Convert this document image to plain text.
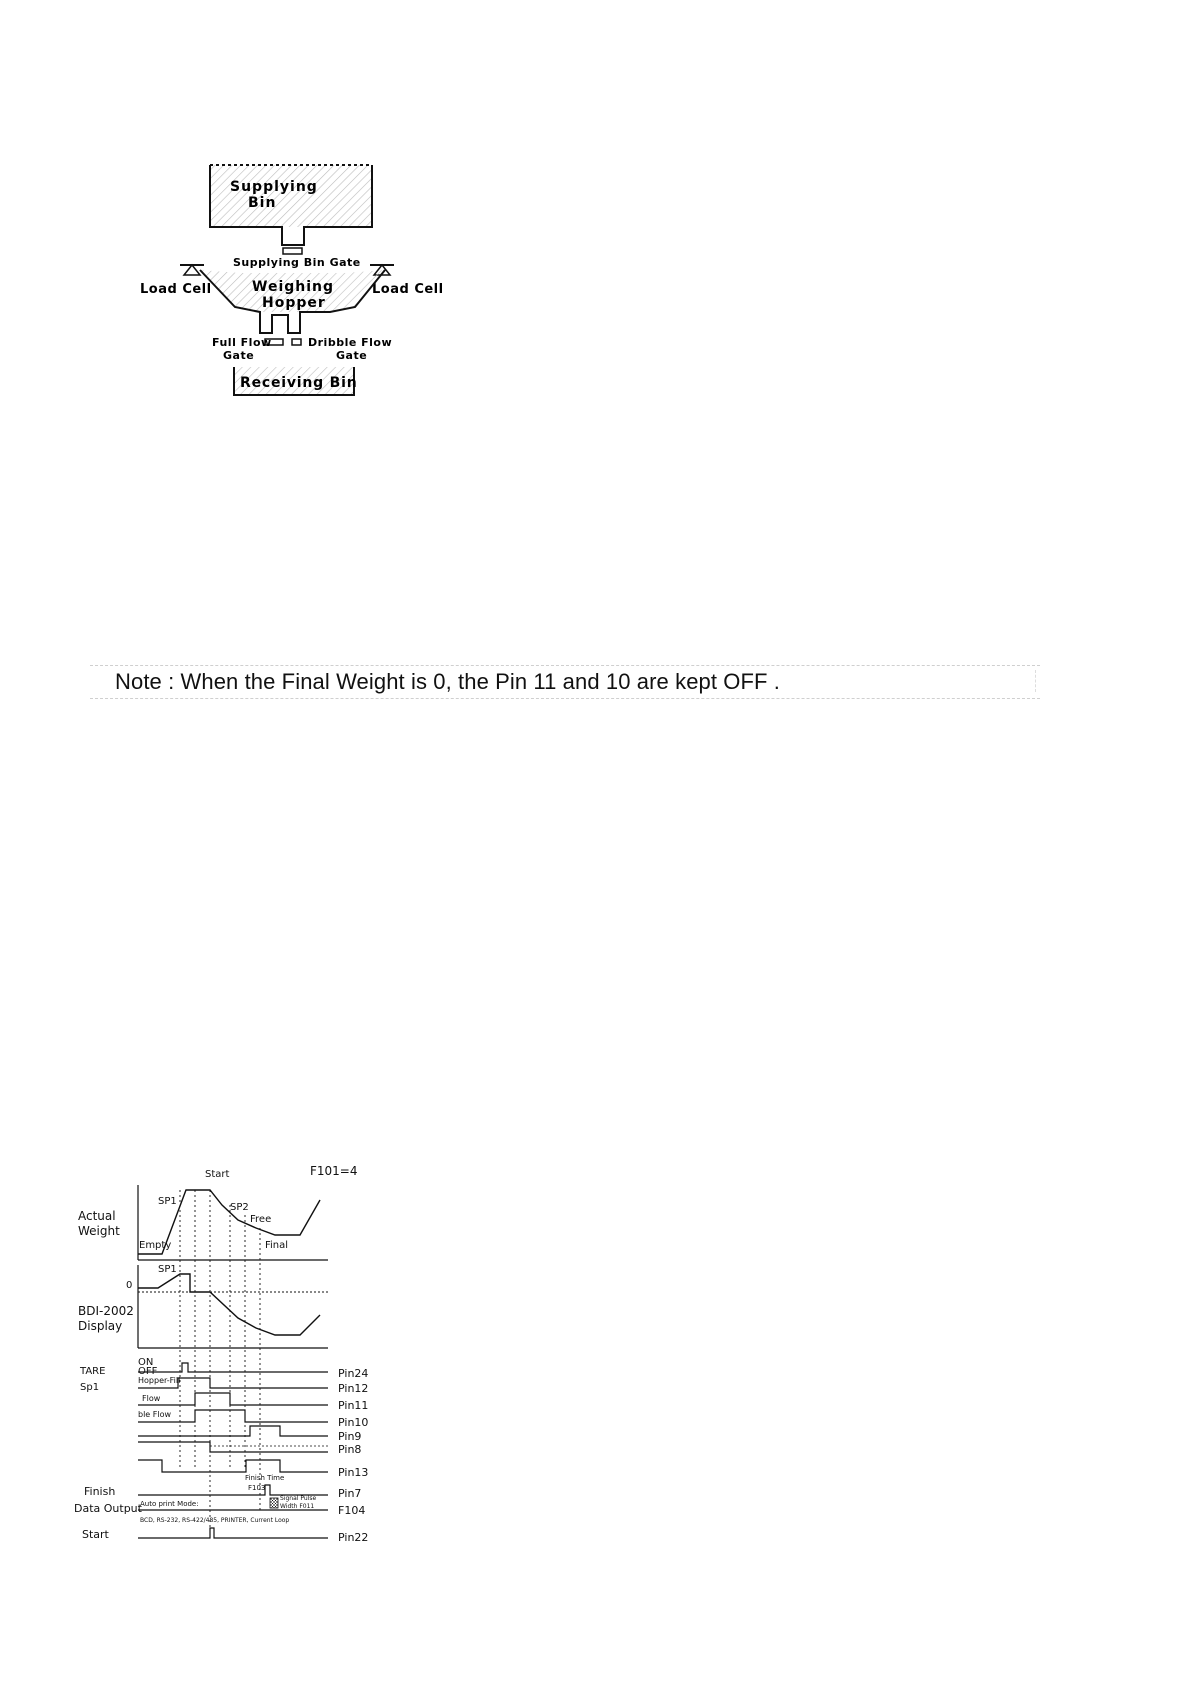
Supplying
Bin
Supplying Bin Gate
Load Cell	Load Cell
Weighing
Hopper
Full Flow
Gate
Dribble Flow
Gate
Receiving Bin
Note : When the Final Weight is 0, the Pin 11 and 10 are kept OFF .
F101=4
Start
Actual
Weight
SP1
SP2
Free
Final
Empty
SP1
0
BDI-2002
Display
ON
OFF
TARE
Sp1
Hopper-Fill
Flow
ble Flow
Finish Time
F103
Finish
Data Output
Auto print Mode:
Signal Pulse
Width F011
BCD, RS-232, RS-422/485, PRINTER, Current Loop
Start
Pin24
Pin12
Pin11
Pin10
Pin9
Pin8
Pin13
Pin7
F104
Pin22
